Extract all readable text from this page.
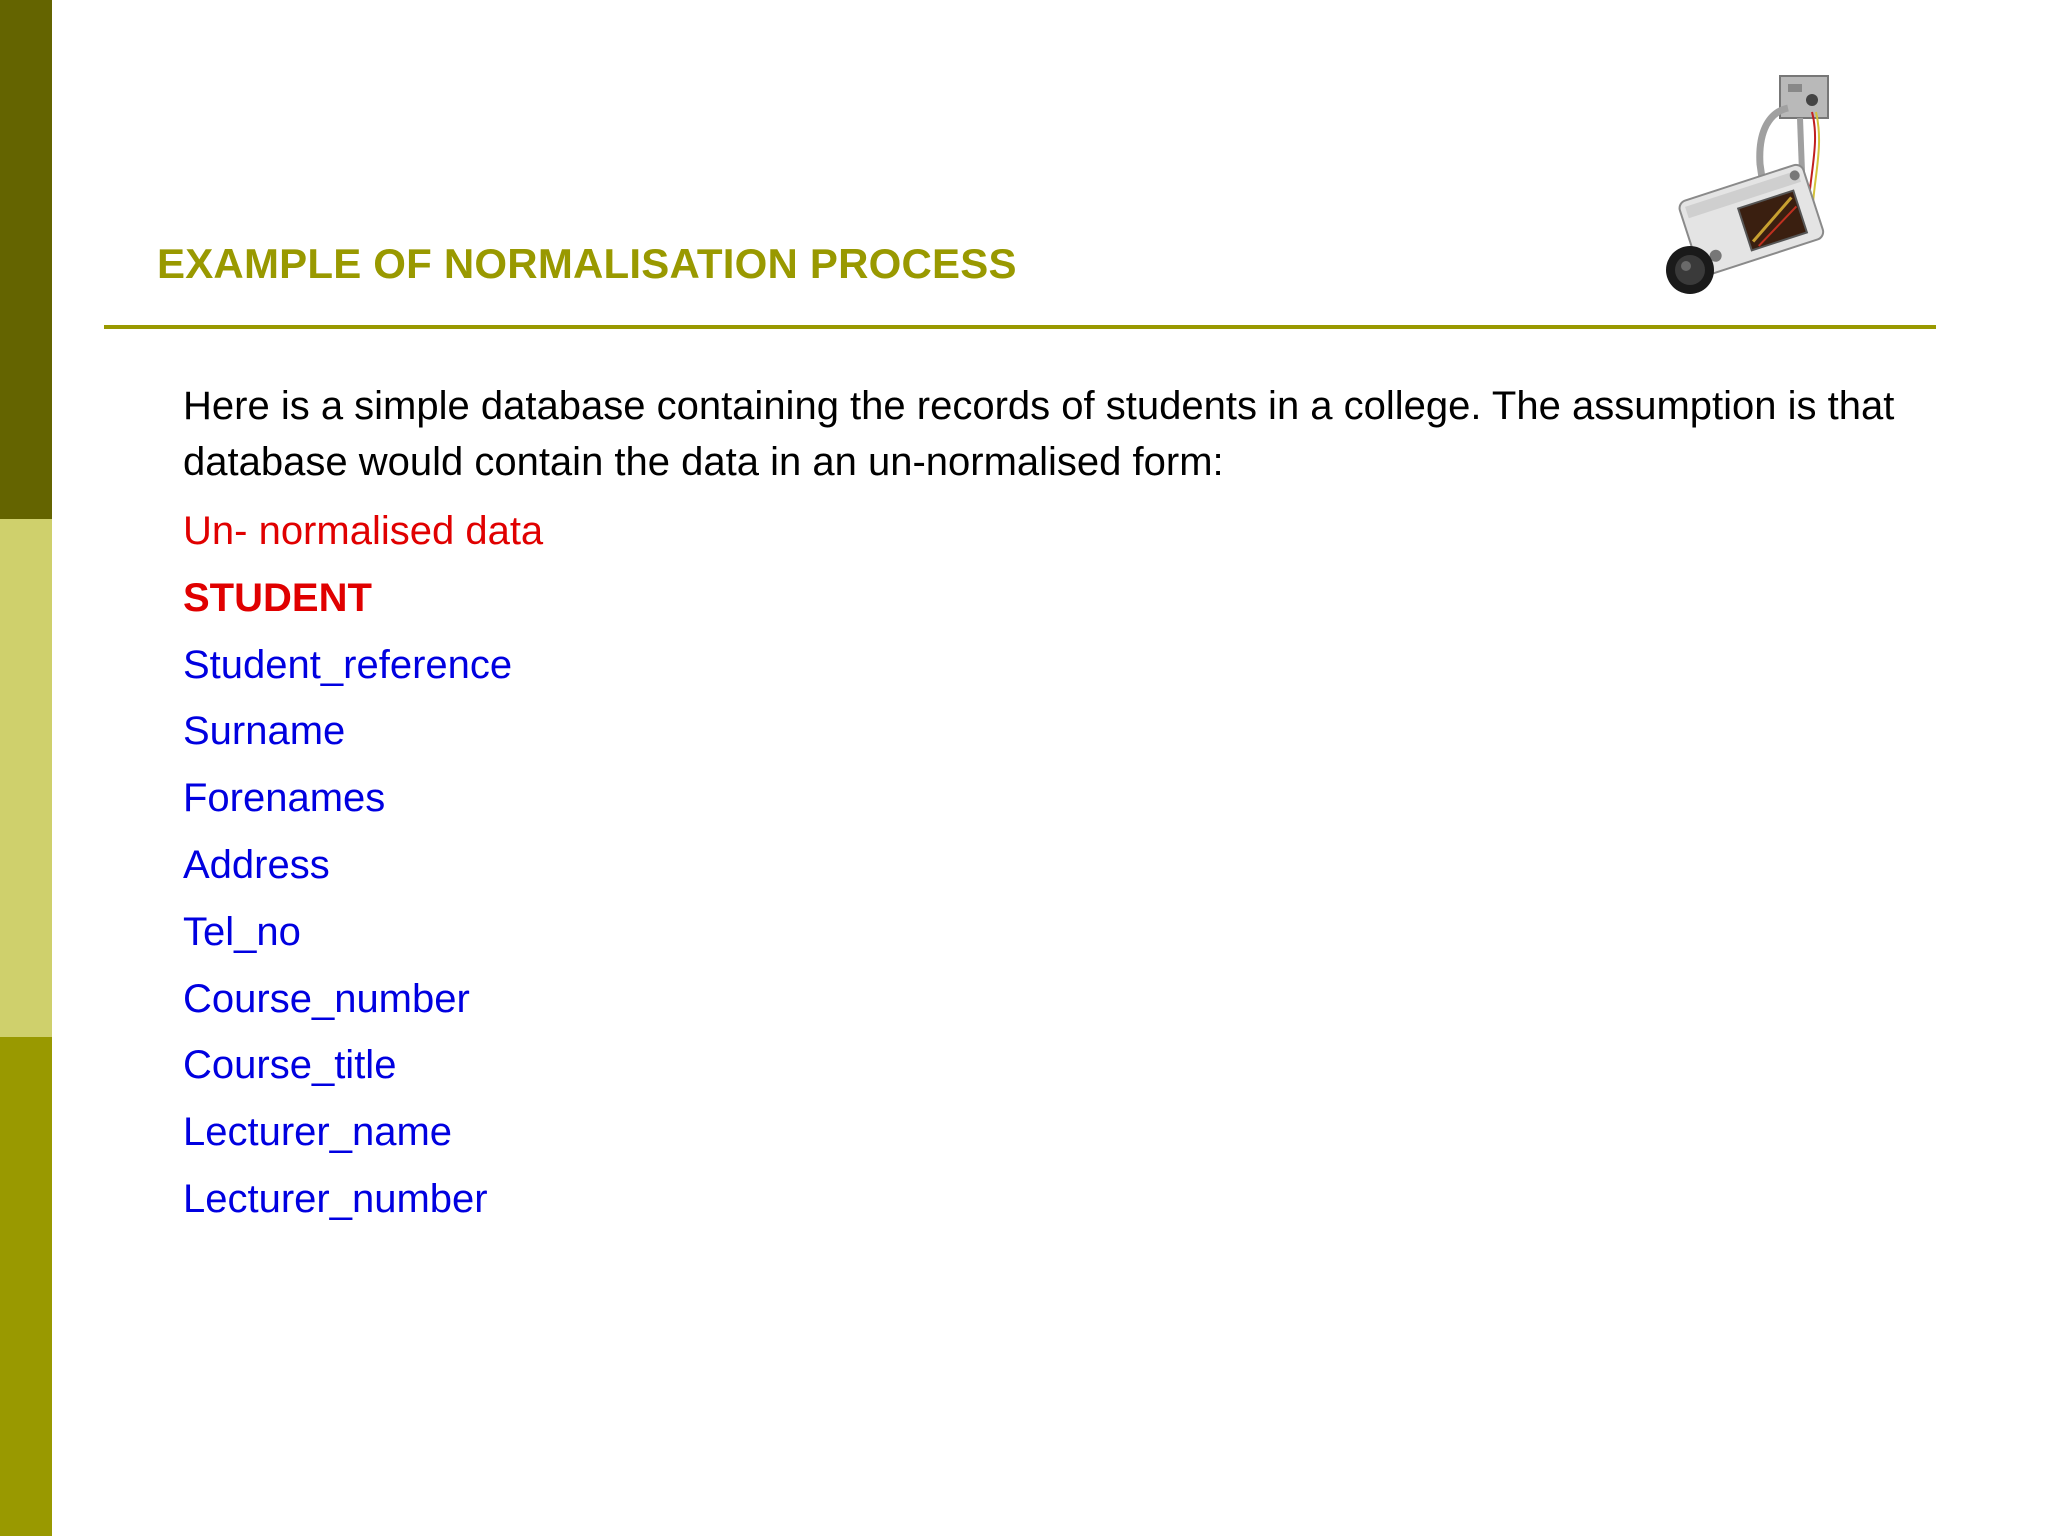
EXAMPLE OF NORMALISATION PROCESS

Here is a simple database containing the records of students in a college. The assumption is that database would contain the data in an un-normalised form:

Un- normalised data

STUDENT

Student_reference

Surname

Forenames

Address

Tel_no

Course_number

Course_title

Lecturer_name

Lecturer_number
